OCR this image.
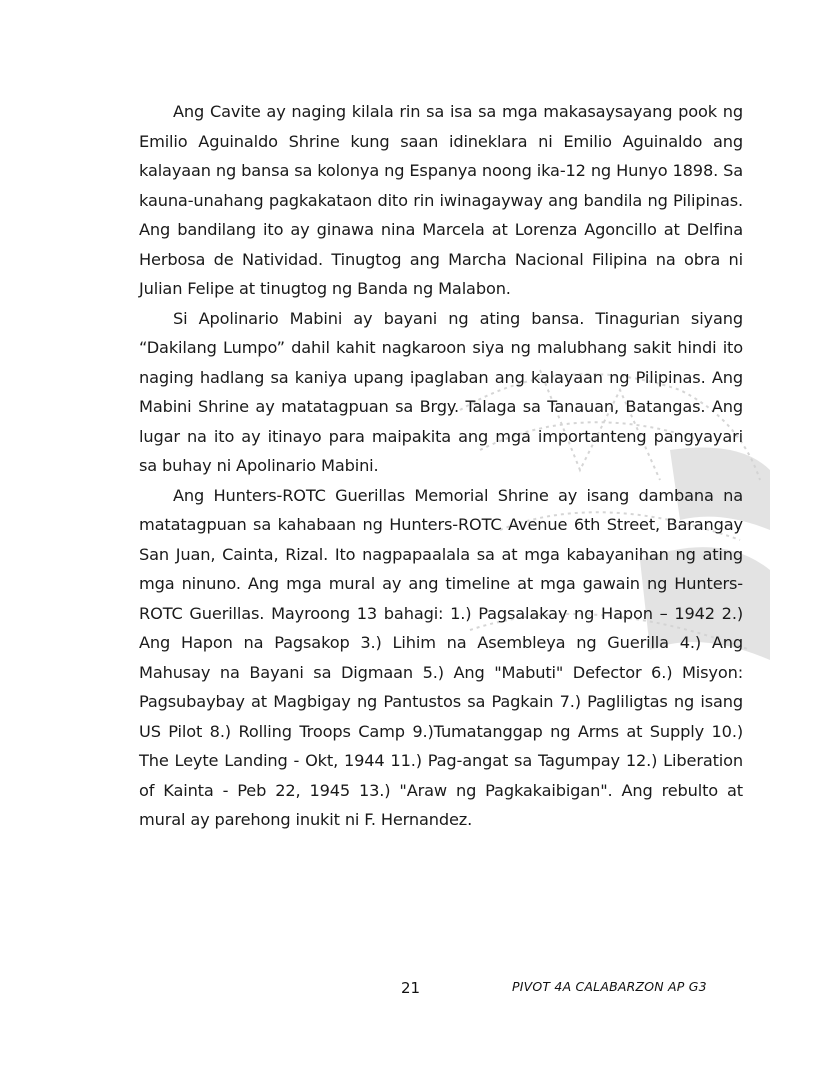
Ang Cavite ay naging kilala rin sa isa sa mga makasaysayang pook ng Emilio Aguinaldo Shrine kung saan idineklara ni Emilio Aguinaldo ang kalayaan ng bansa sa kolonya ng Espanya noong ika-12 ng Hunyo 1898. Sa kauna-unahang pagkakataon dito rin iwinagayway ang bandila ng Pilipinas. Ang bandilang ito ay ginawa nina Marcela at Lorenza Agoncillo at Delfina Herbosa de Natividad. Tinugtog ang Marcha Nacional Filipina na obra ni Julian Felipe at tinugtog ng Banda ng Malabon.

Si Apolinario Mabini ay bayani ng ating bansa. Tinagurian siyang “Dakilang Lumpo” dahil kahit nagkaroon siya ng malubhang sakit hindi ito naging hadlang sa kaniya upang ipaglaban ang kalayaan ng Pilipinas. Ang Mabini Shrine ay matatagpuan sa Brgy. Talaga sa Tanauan, Batangas. Ang lugar na ito ay itinayo para maipakita ang mga importanteng pangyayari sa buhay ni Apolinario Mabini.

Ang Hunters-ROTC Guerillas Memorial Shrine ay isang dambana na matatagpuan sa kahabaan ng Hunters-ROTC Avenue 6th Street, Barangay San Juan, Cainta, Rizal. Ito nagpapaalala sa at mga kabayanihan ng ating mga ninuno. Ang mga mural ay ang timeline at mga gawain ng Hunters-ROTC Guerillas. Mayroong 13 bahagi: 1.) Pagsalakay ng Hapon – 1942 2.) Ang Hapon na Pagsakop 3.) Lihim na Asembleya ng Guerilla 4.) Ang Mahusay na Bayani sa Digmaan 5.) Ang "Mabuti" Defector 6.) Misyon: Pagsubaybay at Magbigay ng Pantustos sa Pagkain 7.) Pagliligtas ng isang US Pilot 8.) Rolling Troops Camp 9.)Tumatanggap ng Arms at Supply 10.) The Leyte Landing - Okt, 1944 11.) Pag-angat sa Tagumpay 12.) Liberation of Kainta - Peb 22, 1945 13.) "Araw ng Pagkakaibigan". Ang rebulto at mural ay parehong inukit ni F. Hernandez.

21	PIVOT 4A CALABARZON AP G3
